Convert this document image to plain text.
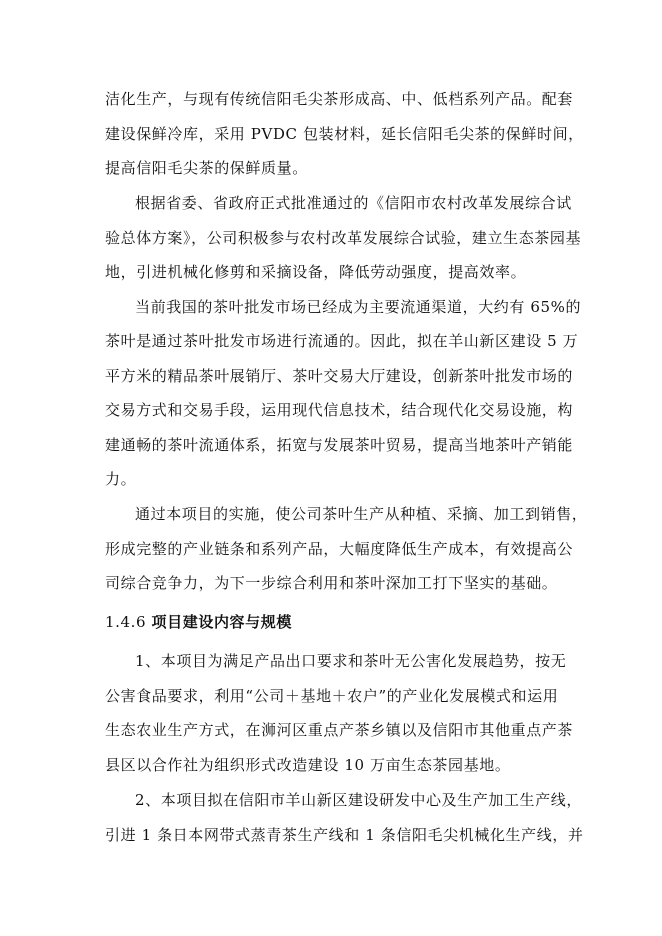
洁化生产，与现有传统信阳毛尖茶形成高、中、低档系列产品。配套
建设保鲜冷库，采用 PVDC 包装材料，延长信阳毛尖茶的保鲜时间，
提高信阳毛尖茶的保鲜质量。
根据省委、省政府正式批准通过的《信阳市农村改革发展综合试
验总体方案》，公司积极参与农村改革发展综合试验，建立生态茶园基
地，引进机械化修剪和采摘设备，降低劳动强度，提高效率。
当前我国的茶叶批发市场已经成为主要流通渠道，大约有 65%的
茶叶是通过茶叶批发市场进行流通的。因此，拟在羊山新区建设 5 万
平方米的精品茶叶展销厅、茶叶交易大厅建设，创新茶叶批发市场的
交易方式和交易手段，运用现代信息技术，结合现代化交易设施，构
建通畅的茶叶流通体系，拓宽与发展茶叶贸易，提高当地茶叶产销能
力。
通过本项目的实施，使公司茶叶生产从种植、采摘、加工到销售，
形成完整的产业链条和系列产品，大幅度降低生产成本，有效提高公
司综合竞争力，为下一步综合利用和茶叶深加工打下坚实的基础。
1.4.6 项目建设内容与规模
1、本项目为满足产品出口要求和茶叶无公害化发展趋势，按无
公害食品要求，利用“公司＋基地＋农户”的产业化发展模式和运用
生态农业生产方式，在浉河区重点产茶乡镇以及信阳市其他重点产茶
县区以合作社为组织形式改造建设 10 万亩生态茶园基地。
2、本项目拟在信阳市羊山新区建设研发中心及生产加工生产线，
引进 1 条日本网带式蒸青茶生产线和 1 条信阳毛尖机械化生产线，并
